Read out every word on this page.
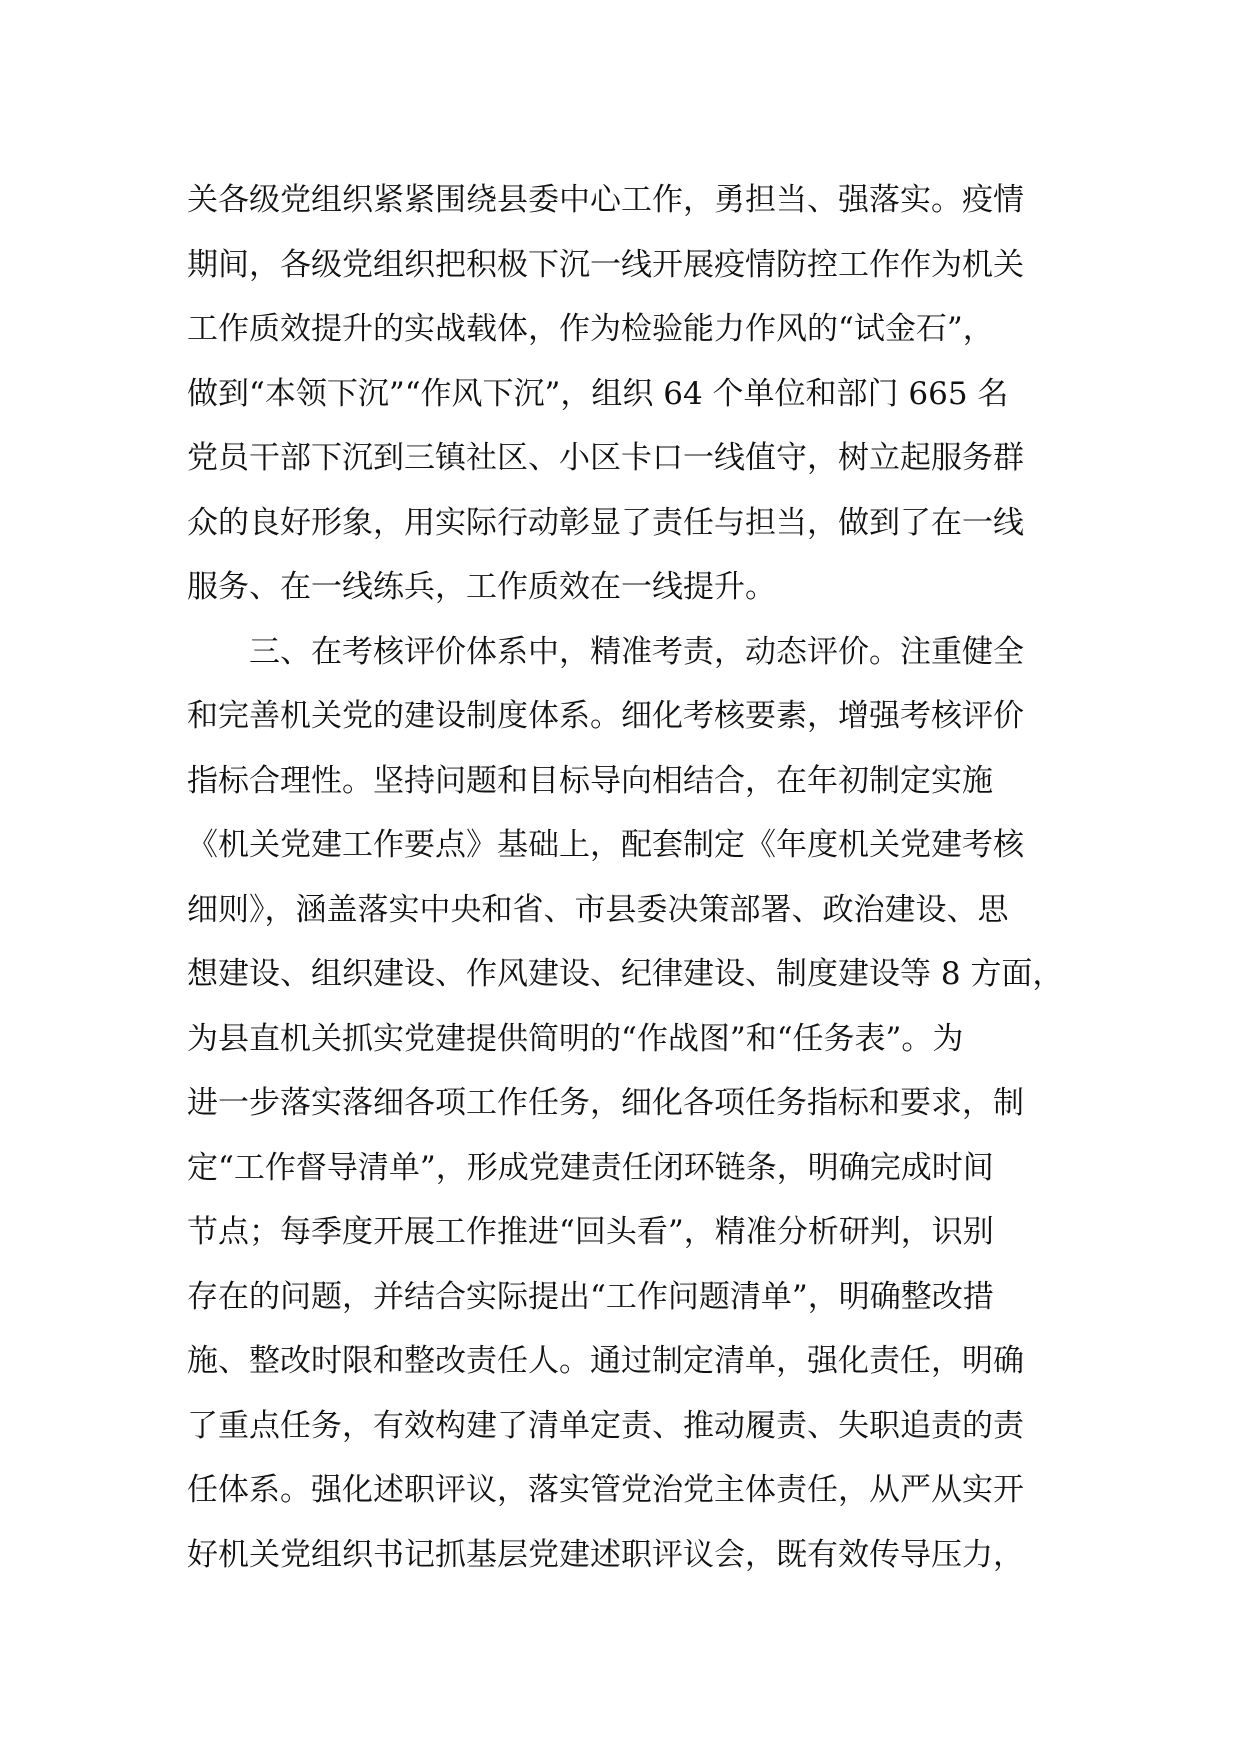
关各级党组织紧紧围绕县委中心工作，勇担当、强落实。疫情
期间，各级党组织把积极下沉一线开展疫情防控工作作为机关
工作质效提升的实战载体，作为检验能力作风的“试金石”，
做到“本领下沉”“作风下沉”，组织 64 个单位和部门 665 名
党员干部下沉到三镇社区、小区卡口一线值守，树立起服务群
众的良好形象，用实际行动彰显了责任与担当，做到了在一线
服务、在一线练兵，工作质效在一线提升。
三、在考核评价体系中，精准考责，动态评价。注重健全
和完善机关党的建设制度体系。细化考核要素，增强考核评价
指标合理性。坚持问题和目标导向相结合，在年初制定实施
《机关党建工作要点》基础上，配套制定《年度机关党建考核
细则》，涵盖落实中央和省、市县委决策部署、政治建设、思
想建设、组织建设、作风建设、纪律建设、制度建设等 8 方面，
为县直机关抓实党建提供简明的“作战图”和“任务表”。为
进一步落实落细各项工作任务，细化各项任务指标和要求，制
定“工作督导清单”，形成党建责任闭环链条，明确完成时间
节点；每季度开展工作推进“回头看”，精准分析研判，识别
存在的问题，并结合实际提出“工作问题清单”，明确整改措
施、整改时限和整改责任人。通过制定清单，强化责任，明确
了重点任务，有效构建了清单定责、推动履责、失职追责的责
任体系。强化述职评议，落实管党治党主体责任，从严从实开
好机关党组织书记抓基层党建述职评议会，既有效传导压力，
